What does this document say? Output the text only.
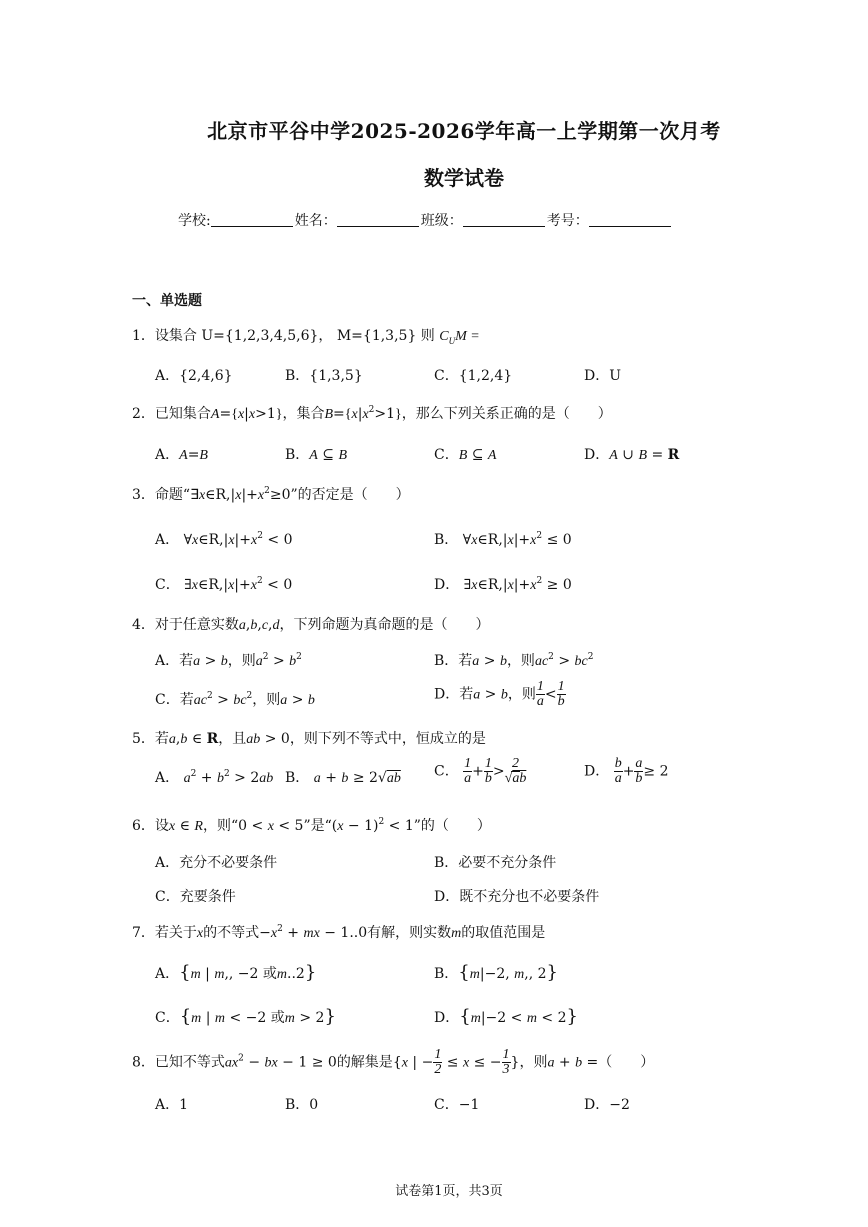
北京市平谷中学2025-2026学年高一上学期第一次月考
数学试卷
学校:	姓名：	班级：	考号：
一、单选题
1．设集合 U={1,2,3,4,5,6}， M={1,3,5} 则 $C_UM$ =
A．{2,4,6}	B．{1,3,5}	C．{1,2,4}	D．U
2．已知集合A={x|x>1}，集合$B=\{x|x^2>1\}$，那么下列关系正确的是（　　）
A．A=B	B．A ⊆ B	C．B ⊆ A	D．A ∪ B = R
3．命题“$\exists x\in R,|x|+x^2\ge 0$”的否定是（　　）
A． $\forall x\in R,|x|+x^2 < 0$	B． $\forall x\in R,|x|+x^2 \le 0$
C． $\exists x\in R,|x|+x^2 < 0$	D． $\exists x\in R,|x|+x^2 \ge 0$
4．对于任意实数a,b,c,d，下列命题为真命题的是（　　）
A．若a > b，则$a^2 > b^2$	B．若a > b，则$ac^2 > bc^2$
C．若$ac^2 > bc^2$，则a > b	D．若a > b，则 $\frac{1}{a} < \frac{1}{b}$
5．若a,b ∈ R，且ab > 0，则下列不等式中，恒成立的是
A． $a^2 + b^2 > 2ab$ B． a + b ≥ 2√ab C． $\frac{1}{a} + \frac{1}{b} > \frac{2}{√ab}$	D． $\frac{b}{a} + \frac{a}{b} \ge 2$
6．设x ∈ R，则“0 < x < 5”是“$(x - 1)^2 < 1$”的（　　）
A．充分不必要条件	B．必要不充分条件
C．充要条件	D．既不充分也不必要条件
7．若关于x的不等式$-x^2$ + mx − 1..0有解，则实数m的取值范围是
A．{m | m,, −2 或m..2}	B．{m|−2, m,, 2}
C．{m | m < −2 或m > 2}	D．{m|−2 < m < 2}
8．已知不等式$ax^2$ − bx − 1 ≥ 0的解集是{x | − $\frac{1}{2} \le x$ ≤ − $\frac{1}{3}$ }，则a + b =（　　）
A．1	B．0	C．−1	D．−2
试卷第1页，共3页
